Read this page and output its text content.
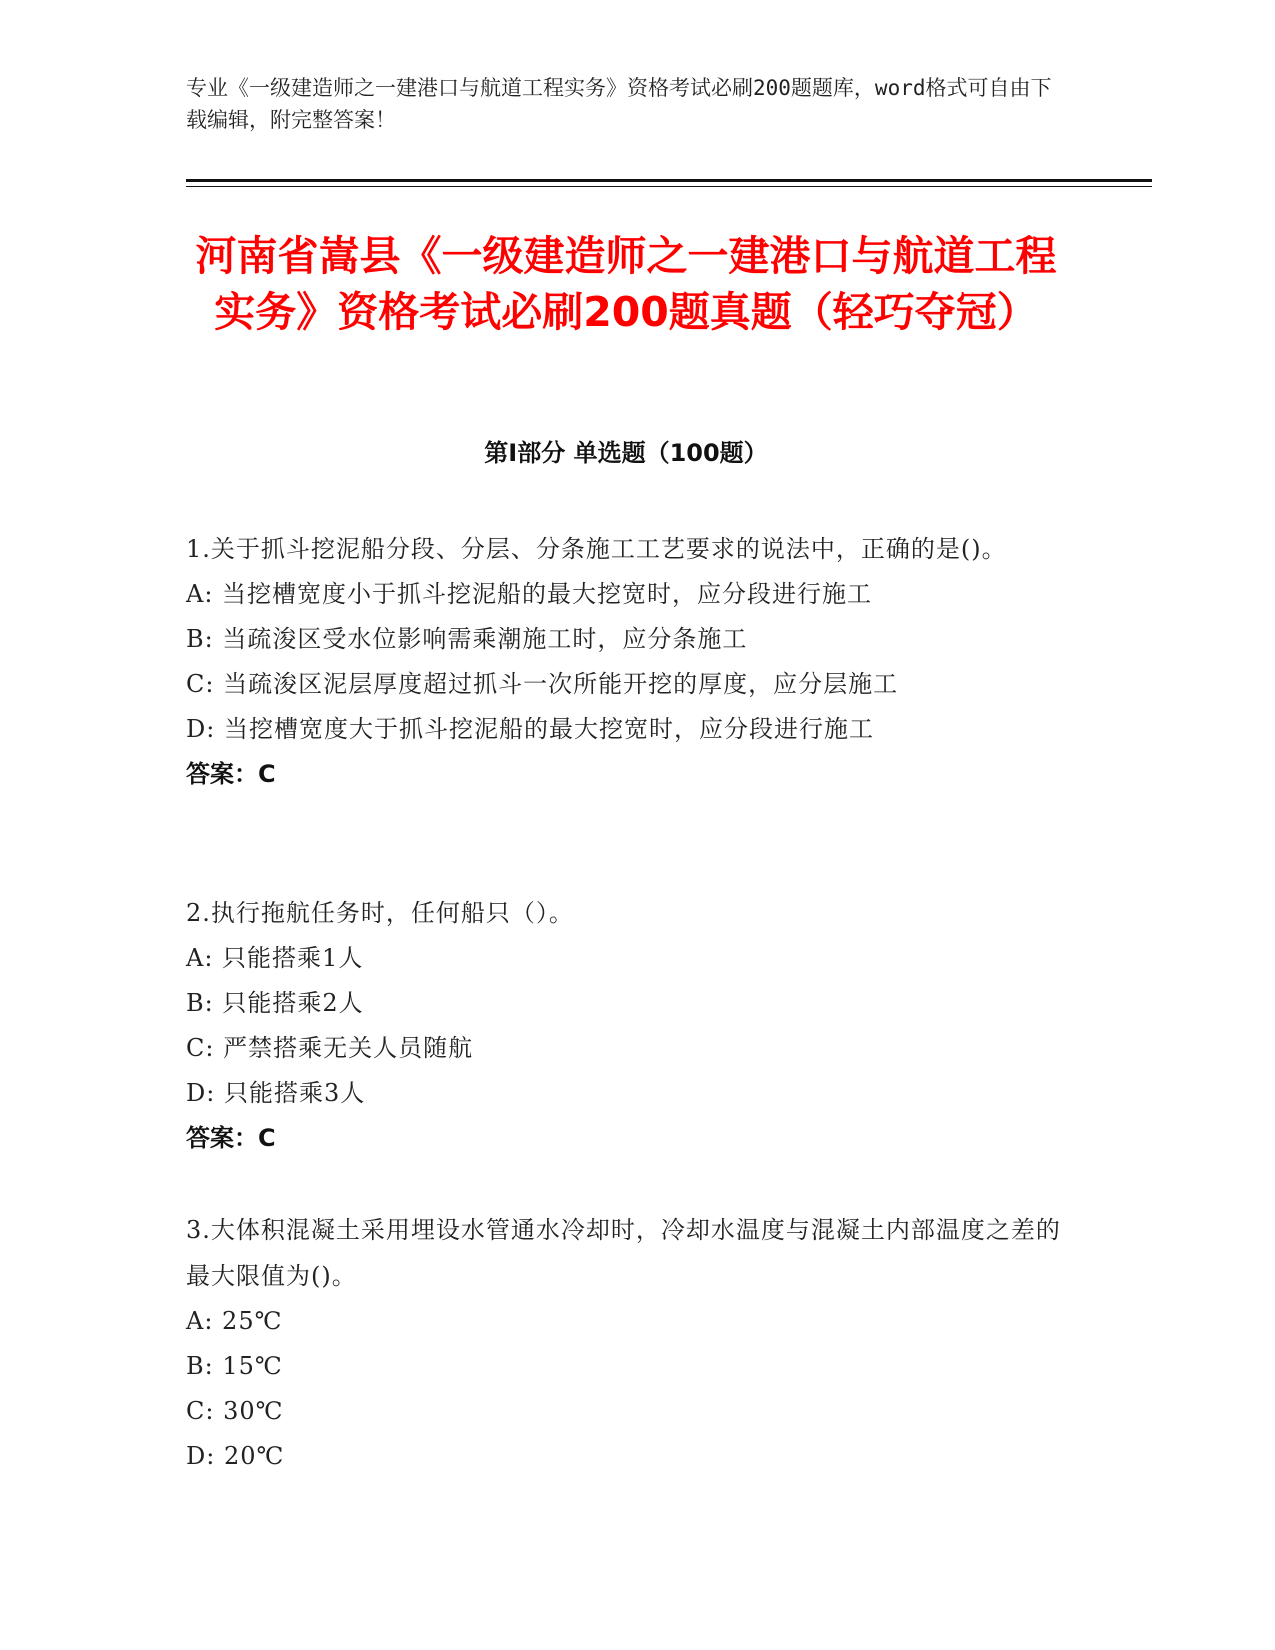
专业《一级建造师之一建港口与航道工程实务》资格考试必刷200题题库，word格式可自由下载编辑，附完整答案！
河南省嵩县《一级建造师之一建港口与航道工程实务》资格考试必刷200题真题（轻巧夺冠）
第Ⅰ部分 单选题（100题）
1.关于抓斗挖泥船分段、分层、分条施工工艺要求的说法中，正确的是()。
A: 当挖槽宽度小于抓斗挖泥船的最大挖宽时，应分段进行施工
B: 当疏浚区受水位影响需乘潮施工时，应分条施工
C: 当疏浚区泥层厚度超过抓斗一次所能开挖的厚度，应分层施工
D: 当挖槽宽度大于抓斗挖泥船的最大挖宽时，应分段进行施工
答案：C
2.执行拖航任务时，任何船只（）。
A: 只能搭乘1人
B: 只能搭乘2人
C: 严禁搭乘无关人员随航
D: 只能搭乘3人
答案：C
3.大体积混凝土采用埋设水管通水冷却时，冷却水温度与混凝土内部温度之差的最大限值为()。
A: 25℃
B: 15℃
C: 30℃
D: 20℃
